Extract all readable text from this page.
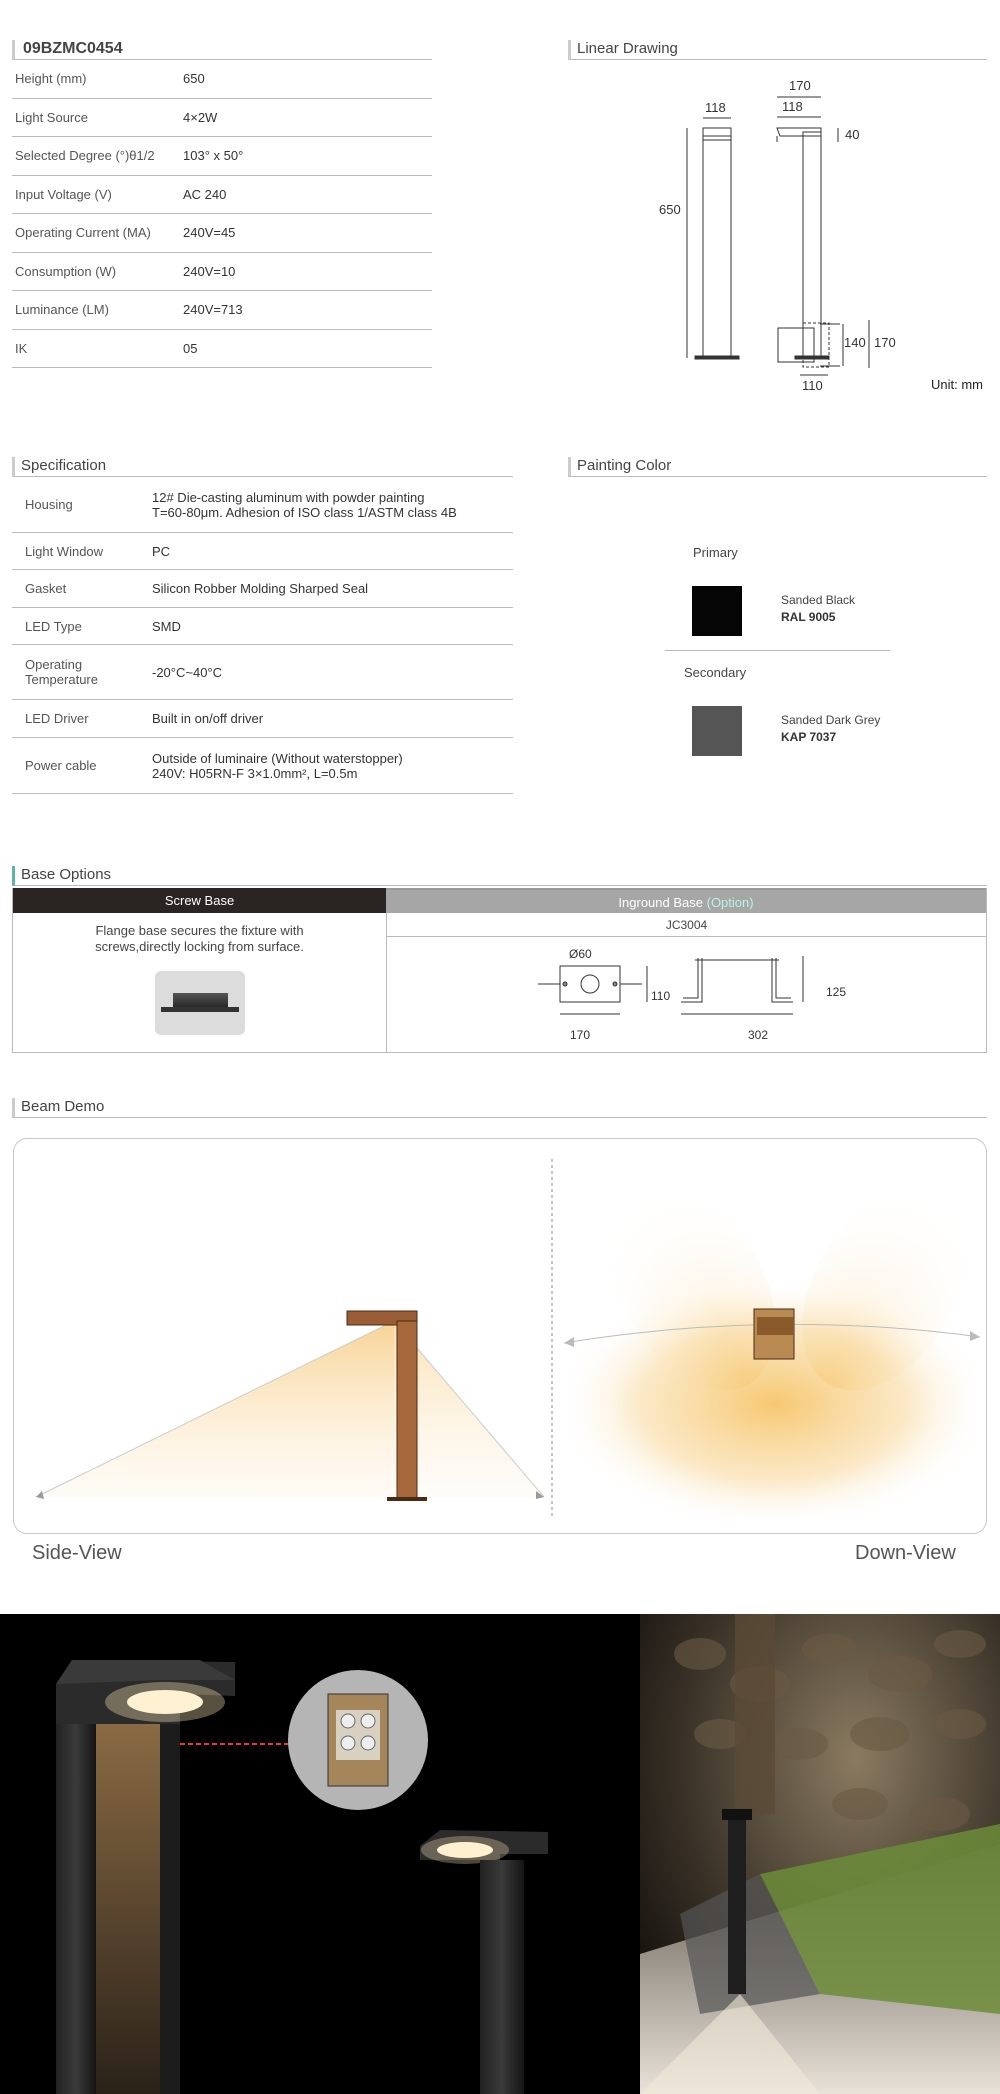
09BZMC0454
Height (mm)	650
Light Source	4×2W
Selected Degree (°)θ1/2	103° x 50°
Input Voltage (V)	AC 240
Operating Current (MA)	240V=45
Consumption (W)	240V=10
Luminance (LM)	240V=713
IK	05
Linear Drawing
118
170
118
40
650
140 170
110	Unit: mm
Specification
Housing	12# Die-casting aluminum with powder painting
T=60-80μm. Adhesion of ISO class 1/ASTM class 4B
Light Window	PC
Gasket	Silicon Robber Molding Sharped Seal
LED Type	SMD
Operating Temperature	-20°C~40°C
LED Driver	Built in on/off driver
Power cable	Outside of luminaire (Without waterstopper)
240V: H05RN-F 3×1.0mm², L=0.5m
Painting Color
Primary
Sanded Black
RAL 9005
Secondary
Sanded Dark Grey
KAP 7037
Base Options
Screw Base	Inground Base (Option)
Flange base secures the fixture with
screws,directly locking from surface.
JC3004
Ø60
110
170
125
302
Beam Demo
Side-View	Down-View
